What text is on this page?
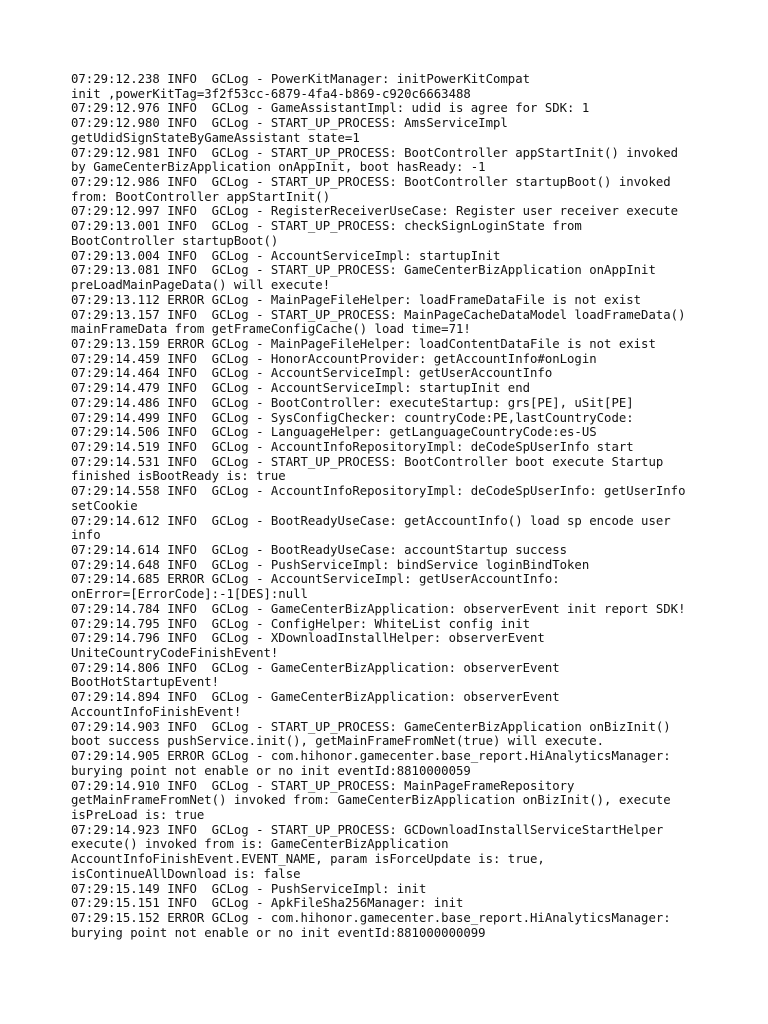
07:29:12.238 INFO  GCLog - PowerKitManager: initPowerKitCompat
init ,powerKitTag=3f2f53cc-6879-4fa4-b869-c920c6663488
07:29:12.976 INFO  GCLog - GameAssistantImpl: udid is agree for SDK: 1
07:29:12.980 INFO  GCLog - START_UP_PROCESS: AmsServiceImpl
getUdidSignStateByGameAssistant state=1
07:29:12.981 INFO  GCLog - START_UP_PROCESS: BootController appStartInit() invoked
by GameCenterBizApplication onAppInit, boot hasReady: -1
07:29:12.986 INFO  GCLog - START_UP_PROCESS: BootController startupBoot() invoked
from: BootController appStartInit()
07:29:12.997 INFO  GCLog - RegisterReceiverUseCase: Register user receiver execute
07:29:13.001 INFO  GCLog - START_UP_PROCESS: checkSignLoginState from
BootController startupBoot()
07:29:13.004 INFO  GCLog - AccountServiceImpl: startupInit
07:29:13.081 INFO  GCLog - START_UP_PROCESS: GameCenterBizApplication onAppInit
preLoadMainPageData() will execute!
07:29:13.112 ERROR GCLog - MainPageFileHelper: loadFrameDataFile is not exist
07:29:13.157 INFO  GCLog - START_UP_PROCESS: MainPageCacheDataModel loadFrameData()
mainFrameData from getFrameConfigCache() load time=71!
07:29:13.159 ERROR GCLog - MainPageFileHelper: loadContentDataFile is not exist
07:29:14.459 INFO  GCLog - HonorAccountProvider: getAccountInfo#onLogin
07:29:14.464 INFO  GCLog - AccountServiceImpl: getUserAccountInfo
07:29:14.479 INFO  GCLog - AccountServiceImpl: startupInit end
07:29:14.486 INFO  GCLog - BootController: executeStartup: grs[PE], uSit[PE]
07:29:14.499 INFO  GCLog - SysConfigChecker: countryCode:PE,lastCountryCode:
07:29:14.506 INFO  GCLog - LanguageHelper: getLanguageCountryCode:es-US
07:29:14.519 INFO  GCLog - AccountInfoRepositoryImpl: deCodeSpUserInfo start
07:29:14.531 INFO  GCLog - START_UP_PROCESS: BootController boot execute Startup
finished isBootReady is: true
07:29:14.558 INFO  GCLog - AccountInfoRepositoryImpl: deCodeSpUserInfo: getUserInfo
setCookie
07:29:14.612 INFO  GCLog - BootReadyUseCase: getAccountInfo() load sp encode user
info
07:29:14.614 INFO  GCLog - BootReadyUseCase: accountStartup success
07:29:14.648 INFO  GCLog - PushServiceImpl: bindService loginBindToken
07:29:14.685 ERROR GCLog - AccountServiceImpl: getUserAccountInfo:
onError=[ErrorCode]:-1[DES]:null
07:29:14.784 INFO  GCLog - GameCenterBizApplication: observerEvent init report SDK!
07:29:14.795 INFO  GCLog - ConfigHelper: WhiteList config init
07:29:14.796 INFO  GCLog - XDownloadInstallHelper: observerEvent
UniteCountryCodeFinishEvent!
07:29:14.806 INFO  GCLog - GameCenterBizApplication: observerEvent
BootHotStartupEvent!
07:29:14.894 INFO  GCLog - GameCenterBizApplication: observerEvent
AccountInfoFinishEvent!
07:29:14.903 INFO  GCLog - START_UP_PROCESS: GameCenterBizApplication onBizInit()
boot success pushService.init(), getMainFrameFromNet(true) will execute.
07:29:14.905 ERROR GCLog - com.hihonor.gamecenter.base_report.HiAnalyticsManager:
burying point not enable or no init eventId:8810000059
07:29:14.910 INFO  GCLog - START_UP_PROCESS: MainPageFrameRepository
getMainFrameFromNet() invoked from: GameCenterBizApplication onBizInit(), execute
isPreLoad is: true
07:29:14.923 INFO  GCLog - START_UP_PROCESS: GCDownloadInstallServiceStartHelper
execute() invoked from is: GameCenterBizApplication
AccountInfoFinishEvent.EVENT_NAME, param isForceUpdate is: true,
isContinueAllDownload is: false
07:29:15.149 INFO  GCLog - PushServiceImpl: init
07:29:15.151 INFO  GCLog - ApkFileSha256Manager: init
07:29:15.152 ERROR GCLog - com.hihonor.gamecenter.base_report.HiAnalyticsManager:
burying point not enable or no init eventId:881000000099
